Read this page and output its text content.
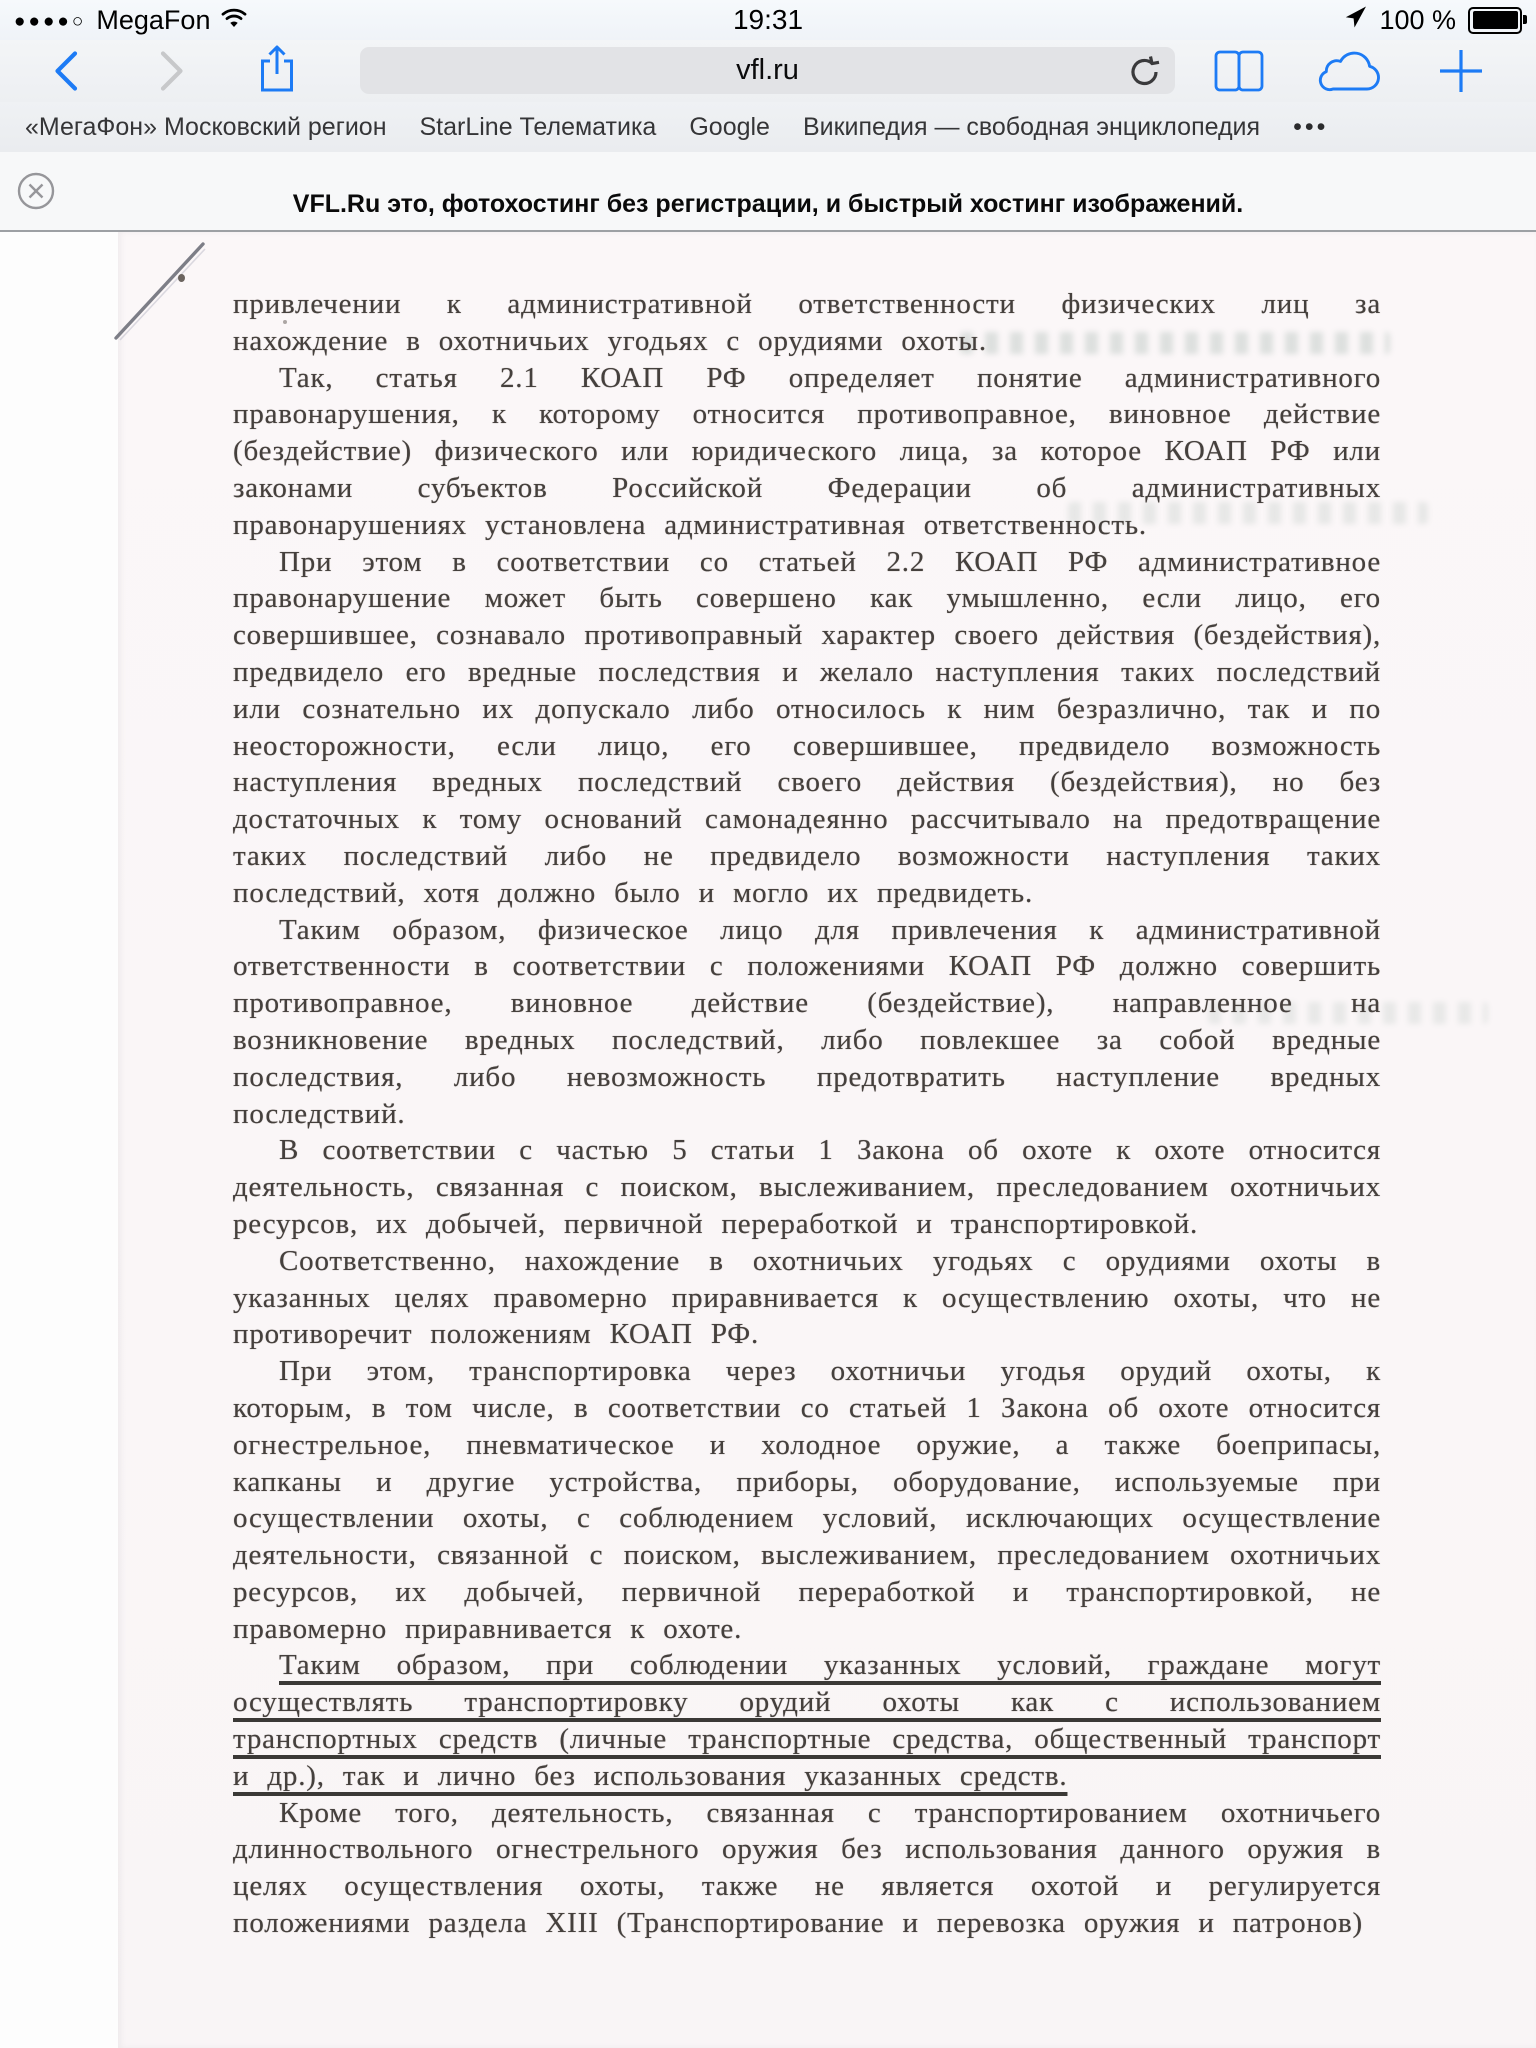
●●●●○ MegaFon	19:31	100 %
vfl.ru
«МегаФон» Московский регион StarLine Телематика Google Википедия — свободная энциклопедия •••
VFL.Ru это, фотохостинг без регистрации, и быстрый хостинг изображений.

привлечении к административной ответственности физических лиц за нахождение в охотничьих угодьях с орудиями охоты.

Так, статья 2.1 КОАП РФ определяет понятие административного правонарушения, к которому относится противоправное, виновное действие (бездействие) физического или юридического лица, за которое КОАП РФ или законами субъектов Российской Федерации об административных правонарушениях установлена административная ответственность.

При этом в соответствии со статьей 2.2 КОАП РФ административное правонарушение может быть совершено как умышленно, если лицо, его совершившее, сознавало противоправный характер своего действия (бездействия), предвидело его вредные последствия и желало наступления таких последствий или сознательно их допускало либо относилось к ним безразлично, так и по неосторожности, если лицо, его совершившее, предвидело возможность наступления вредных последствий своего действия (бездействия), но без достаточных к тому оснований самонадеянно рассчитывало на предотвращение таких последствий либо не предвидело возможности наступления таких последствий, хотя должно было и могло их предвидеть.

Таким образом, физическое лицо для привлечения к административной ответственности в соответствии с положениями КОАП РФ должно совершить противоправное, виновное действие (бездействие), направленное на возникновение вредных последствий, либо повлекшее за собой вредные последствия, либо невозможность предотвратить наступление вредных последствий.

В соответствии с частью 5 статьи 1 Закона об охоте к охоте относится деятельность, связанная с поиском, выслеживанием, преследованием охотничьих ресурсов, их добычей, первичной переработкой и транспортировкой.

Соответственно, нахождение в охотничьих угодьях с орудиями охоты в указанных целях правомерно приравнивается к осуществлению охоты, что не противоречит положениям КОАП РФ.

При этом, транспортировка через охотничьи угодья орудий охоты, к которым, в том числе, в соответствии со статьей 1 Закона об охоте относится огнестрельное, пневматическое и холодное оружие, а также боеприпасы, капканы и другие устройства, приборы, оборудование, используемые при осуществлении охоты, с соблюдением условий, исключающих осуществление деятельности, связанной с поиском, выслеживанием, преследованием охотничьих ресурсов, их добычей, первичной переработкой и транспортировкой, не правомерно приравнивается к охоте.

Таким образом, при соблюдении указанных условий, граждане могут осуществлять транспортировку орудий охоты как с использованием транспортных средств (личные транспортные средства, общественный транспорт и др.), так и лично без использования указанных средств.

Кроме того, деятельность, связанная с транспортированием охотничьего длинноствольного огнестрельного оружия без использования данного оружия в целях осуществления охоты, также не является охотой и регулируется положениями раздела XIII (Транспортирование и перевозка оружия и патронов)
